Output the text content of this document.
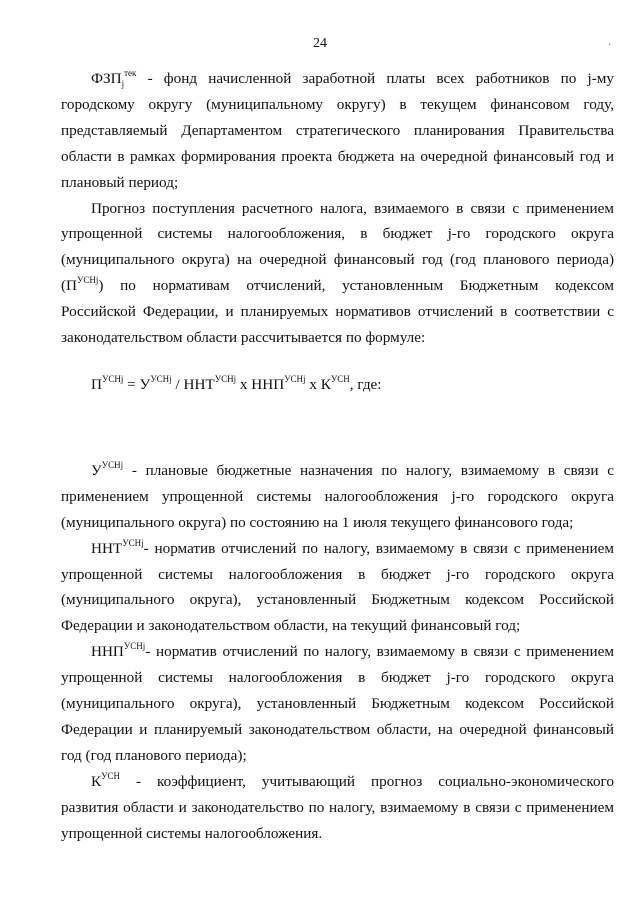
24	·

$ФЗП_j^{тек}$ - фонд начисленной заработной платы всех работников по j-му городскому округу (муниципальному округу) в текущем финансовом году, представляемый Департаментом стратегического планирования Правительства области в рамках формирования проекта бюджета на очередной финансовый год и плановый период;

Прогноз поступления расчетного налога, взимаемого в связи с применением упрощенной системы налогообложения, в бюджет j-го городского округа (муниципального округа) на очередной финансовый год (год планового периода) $(П^{УСНj})$ по нормативам отчислений, установленным Бюджетным кодексом Российской Федерации, и планируемых нормативов отчислений в соответствии с законодательством области рассчитывается по формуле:

$П^{УСНj} = У^{УСНj} / ННТ^{УСНj}$ x $ННП^{УСНj}$ x $К^{УСН}$, где:

$У^{УСНj}$ - плановые бюджетные назначения по налогу, взимаемому в связи с применением упрощенной системы налогообложения j-го городского округа (муниципального округа) по состоянию на 1 июля текущего финансового года;

$ННТ^{УСНj}-$ норматив отчислений по налогу, взимаемому в связи с применением упрощенной системы налогообложения в бюджет j-го городского округа (муниципального округа), установленный Бюджетным кодексом Российской Федерации и законодательством области, на текущий финансовый год;

$ННП^{УСНj}-$ норматив отчислений по налогу, взимаемому в связи с применением упрощенной системы налогообложения в бюджет j-го городского округа (муниципального округа), установленный Бюджетным кодексом Российской Федерации и планируемый законодательством области, на очередной финансовый год (год планового периода);

$К^{УСН}$ - коэффициент, учитывающий прогноз социально-экономического развития области и законодательство по налогу, взимаемому в связи с применением упрощенной системы налогообложения.
